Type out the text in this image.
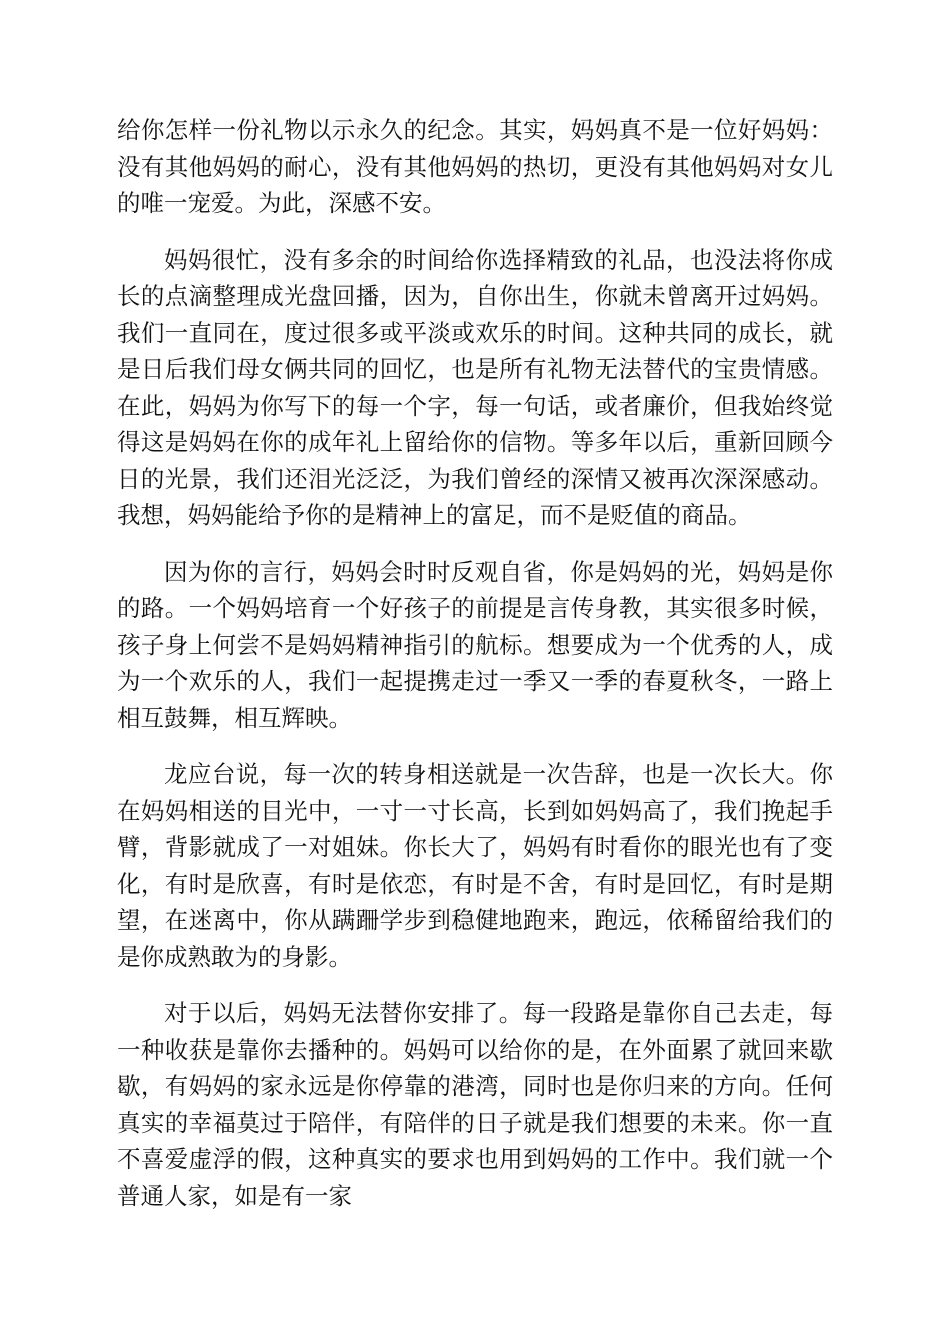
给你怎样一份礼物以示永久的纪念。其实，妈妈真不是一位好妈妈：没有其他妈妈的耐心，没有其他妈妈的热切，更没有其他妈妈对女儿的唯一宠爱。为此，深感不安。

妈妈很忙，没有多余的时间给你选择精致的礼品，也没法将你成长的点滴整理成光盘回播，因为，自你出生，你就未曾离开过妈妈。我们一直同在，度过很多或平淡或欢乐的时间。这种共同的成长，就是日后我们母女俩共同的回忆，也是所有礼物无法替代的宝贵情感。在此，妈妈为你写下的每一个字，每一句话，或者廉价，但我始终觉得这是妈妈在你的成年礼上留给你的信物。等多年以后，重新回顾今日的光景，我们还泪光泛泛，为我们曾经的深情又被再次深深感动。我想，妈妈能给予你的是精神上的富足，而不是贬值的商品。

因为你的言行，妈妈会时时反观自省，你是妈妈的光，妈妈是你的路。一个妈妈培育一个好孩子的前提是言传身教，其实很多时候，孩子身上何尝不是妈妈精神指引的航标。想要成为一个优秀的人，成为一个欢乐的人，我们一起提携走过一季又一季的春夏秋冬，一路上相互鼓舞，相互辉映。

龙应台说，每一次的转身相送就是一次告辞，也是一次长大。你在妈妈相送的目光中，一寸一寸长高，长到如妈妈高了，我们挽起手臂，背影就成了一对姐妹。你长大了，妈妈有时看你的眼光也有了变化，有时是欣喜，有时是依恋，有时是不舍，有时是回忆，有时是期望，在迷离中，你从蹒跚学步到稳健地跑来，跑远，依稀留给我们的是你成熟敢为的身影。

对于以后，妈妈无法替你安排了。每一段路是靠你自己去走，每一种收获是靠你去播种的。妈妈可以给你的是，在外面累了就回来歇歇，有妈妈的家永远是你停靠的港湾，同时也是你归来的方向。任何真实的幸福莫过于陪伴，有陪伴的日子就是我们想要的未来。你一直不喜爱虚浮的假，这种真实的要求也用到妈妈的工作中。我们就一个普通人家，如是有一家
